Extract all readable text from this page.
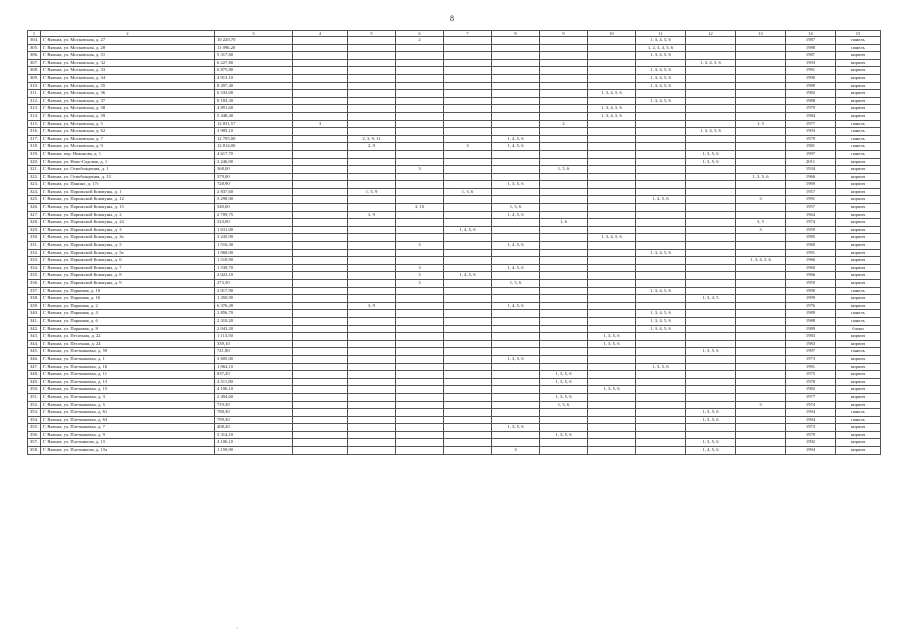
8
1	2	3	4	5	6	7	8	9	10	11	12	13	14	15
304.	Г. Вязьма, ул. Московская, д. 27	10 220,70			2					1, 3, 4, 5, 6			1987	панель
305.	Г. Вязьма, ул. Московская, д. 28	11 096,20								1, 2, 3, 4, 5, 6			1988	панель
306.	Г. Вязьма, ул. Московская, д. 31	5 317,60								1, 3, 4, 5, 6			1987	кирпич
307.	Г. Вязьма, ул. Московская, д. 32	6 227,80									1, 3, 4, 5, 6		1993	кирпич
308.	Г. Вязьма, ул. Московская, д. 33	6 875,80								1, 3, 4, 5, 6			1991	кирпич
309.	Г. Вязьма, ул. Московская, д. 34	4 913,10								1, 3, 4, 5, 6			1990	кирпич
310.	Г. Вязьма, ул. Московская, д. 35	8 497,40								1, 3, 4, 5, 6			1989	кирпич
311.	Г. Вязьма, ул. Московская, д. 36	6 333,00							1, 3, 4, 5, 6				1982	кирпич
312.	Г. Вязьма, ул. Московская, д. 37	8 183,30								1, 3, 4, 5, 6			1988	кирпич
313.	Г. Вязьма, ул. Московская, д. 38	4 891,60							1, 3, 4, 5, 6				1979	кирпич
314.	Г. Вязьма, ул. Московская, д. 39	5 448,40							1, 3, 4, 5, 6				1984	кирпич
315.	Г. Вязьма, ул. Московская, д. 5	12 831,57	3					2				1, 5	1977	панель
316.	Г. Вязьма, ул. Московская, д. 62	3 985,10									1, 3, 4, 5, 6		1993	панель
317.	Г. Вязьма, ул. Московская, д. 7	12 795,00		2, 3, 9, 11			1, 4, 5, 6						1979	панель
318.	Г. Вязьма, ул. Московская, д. 9	12 814,00		2, 9		3	1, 4, 5, 6						1981	панель
319.	Г. Вязьма, пер. Никонова, д. 1	4 617,70									1, 3, 5, 6		1997	панель
320.	Г. Вязьма, ул. Ново-Садовая, д. 1	2 246,00									1, 3, 5, 6		2011	кирпич
321.	Г. Вязьма, ул. Освобождения, д. 1	368,00			3			1, 5, 6					1934	кирпич
322.	Г. Вязьма, ул. Освобождения, д. 13	379,00										1, 3, 5, 6	1966	кирпич
323.	Г. Вязьма, ул. Панино, д. 17г	728,90					1, 3, 5, 6						1969	кирпич
324.	Г. Вязьма, ул. Парижской Коммуны, д. 1	2 837,60		1, 5, 9		1, 3, 6							1957	кирпич
325.	Г. Вязьма, ул. Парижской Коммуны, д. 12	3 298,00								1, 4, 5, 6		3	1991	кирпич
326.	Г. Вязьма, ул. Парижской Коммуны, д. 15	540,00			3, 10		1, 5, 6						1957	кирпич
327.	Г. Вязьма, ул. Парижской Коммуны, д. 2	2 709,75		3, 9			1, 4, 5, 6						1964	кирпич
328.	Г. Вязьма, ул. Парижской Коммуны, д. 24	523,00						1, 6				3, 5	1974	кирпич
329.	Г. Вязьма, ул. Парижской Коммуны, д. 3	1 631,00				1, 4, 5, 6						3	1959	кирпич
330.	Г. Вязьма, ул. Парижской Коммуны, д. 3а	3 245,90							1, 3, 4, 5, 6				1985	кирпич
331.	Г. Вязьма, ул. Парижской Коммуны, д. 5	1 516,30			3		1, 4, 5, 6						1960	кирпич
332.	Г. Вязьма, ул. Парижской Коммуны, д. 5а	1 068,00								1, 3, 4, 5, 6			1991	кирпич
333.	Г. Вязьма, ул. Парижской Коммуны, д. 6	1 510,90										1, 3, 4, 5, 6	1966	кирпич
334.	Г. Вязьма, ул. Парижской Коммуны, д. 7	1 530,70			3		1, 4, 5, 6						1960	кирпич
335.	Г. Вязьма, ул. Парижской Коммуны, д. 8	2 022,10			3	1, 4, 5, 6							1966	кирпич
336.	Г. Вязьма, ул. Парижской Коммуны, д. 9	273,50			3		1, 5, 6						1959	кирпич
337.	Г. Вязьма, ул. Парковая, д. 10	2 017,90								1, 3, 4, 5, 6			1990	панель
338.	Г. Вязьма, ул. Парковая, д. 16	1 450,90									1, 3, 4, 5		1999	кирпич
339.	Г. Вязьма, ул. Парковая, д. 2	6 376,28		3, 9			1, 4, 5, 6						1976	кирпич
340.	Г. Вязьма, ул. Парковая, д. 4	2 856,70								1, 3, 4, 5, 6			1989	панель
341.	Г. Вязьма, ул. Парковая, д. 6	2 310,20								1, 3, 4, 5, 6			1988	панель
342.	Г. Вязьма, ул. Парковая, д. 8	2 043,20								1, 3, 4, 5, 6			1989	блоки
343.	Г. Вязьма, ул. Песочная, д. 22	1 113,50							1, 3, 5, 6				1983	кирпич
344.	Г. Вязьма, ул. Песочная, д. 24	339,10							1, 3, 5, 6				1983	кирпич
345.	Г. Вязьма, ул. Плетниковка, д. 59	741,80									1, 3, 5, 6		1997	панель
346.	Г. Вязьма, ул. Плетниковка, д. 1	3 605,00					1, 3, 5, 6						1973	кирпич
347.	Г. Вязьма, ул. Плетниковка, д. 10	1 064,10								1, 3, 5, 6			1991	кирпич
348.	Г. Вязьма, ул. Плетниковка, д. 11	837,20						1, 3, 5, 6					1975	кирпич
349.	Г. Вязьма, ул. Плетниковка, д. 13	4 511,80						1, 3, 5, 6					1978	кирпич
350.	Г. Вязьма, ул. Плетниковка, д. 15	4 106,10							1, 3, 5, 6				1982	кирпич
351.	Г. Вязьма, ул. Плетниковка, д. 3	2 494,60						1, 3, 5, 6					1977	кирпич
352.	Г. Вязьма, ул. Плетниковка, д. 5	719,30						1, 5, 6				3	1974	кирпич
353.	Г. Вязьма, ул. Плетниковка, д. 61	788,30									1, 3, 5, 6		1994	панель
354.	Г. Вязьма, ул. Плетниковка, д. 63	799,30									1, 3, 5, 6		1994	панель
355.	Г. Вязьма, ул. Плетниковка, д. 7	408,20					1, 3, 5, 6						1973	кирпич
356.	Г. Вязьма, ул. Плетниковка, д. 9	3 314,10						1, 3, 5, 6					1979	кирпич
357.	Г. Вязьма, ул. Плотникова, д. 15	4 106,10									1, 3, 5, 6		1992	кирпич
358.	Г. Вязьма, ул. Плотникова, д. 15а	1 159,90					3				1, 4, 5, 6		1994	кирпич
·
